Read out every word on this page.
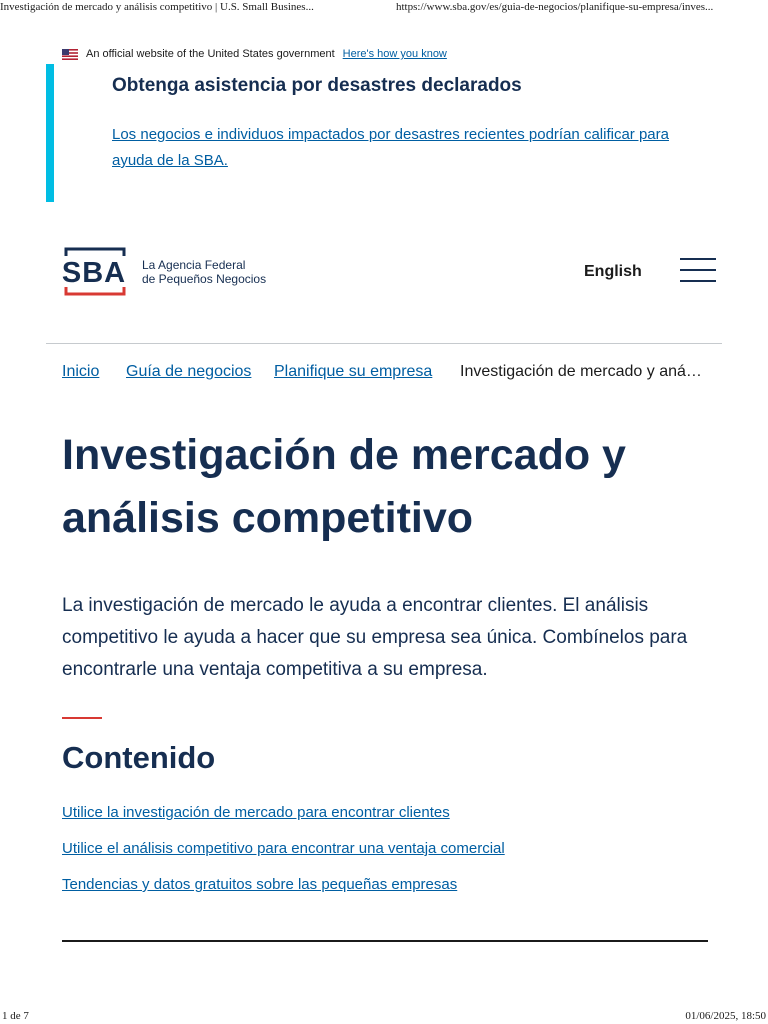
Investigación de mercado y análisis competitivo | U.S. Small Busines...	https://www.sba.gov/es/guia-de-negocios/planifique-su-empresa/inves...
An official website of the United States government Here's how you know
Obtenga asistencia por desastres declarados
Los negocios e individuos impactados por desastres recientes podrían calificar para ayuda de la SBA.
SBA La Agencia Federal
de Pequeños Negocios	English
Inicio Guía de negocios Planifique su empresa Investigación de mercado y aná…
Investigación de mercado y análisis competitivo

La investigación de mercado le ayuda a encontrar clientes. El análisis competitivo le ayuda a hacer que su empresa sea única. Combínelos para encontrarle una ventaja competitiva a su empresa.

Contenido
Utilice la investigación de mercado para encontrar clientes
Utilice el análisis competitivo para encontrar una ventaja comercial
Tendencias y datos gratuitos sobre las pequeñas empresas
1 de 7	01/06/2025, 18:50
